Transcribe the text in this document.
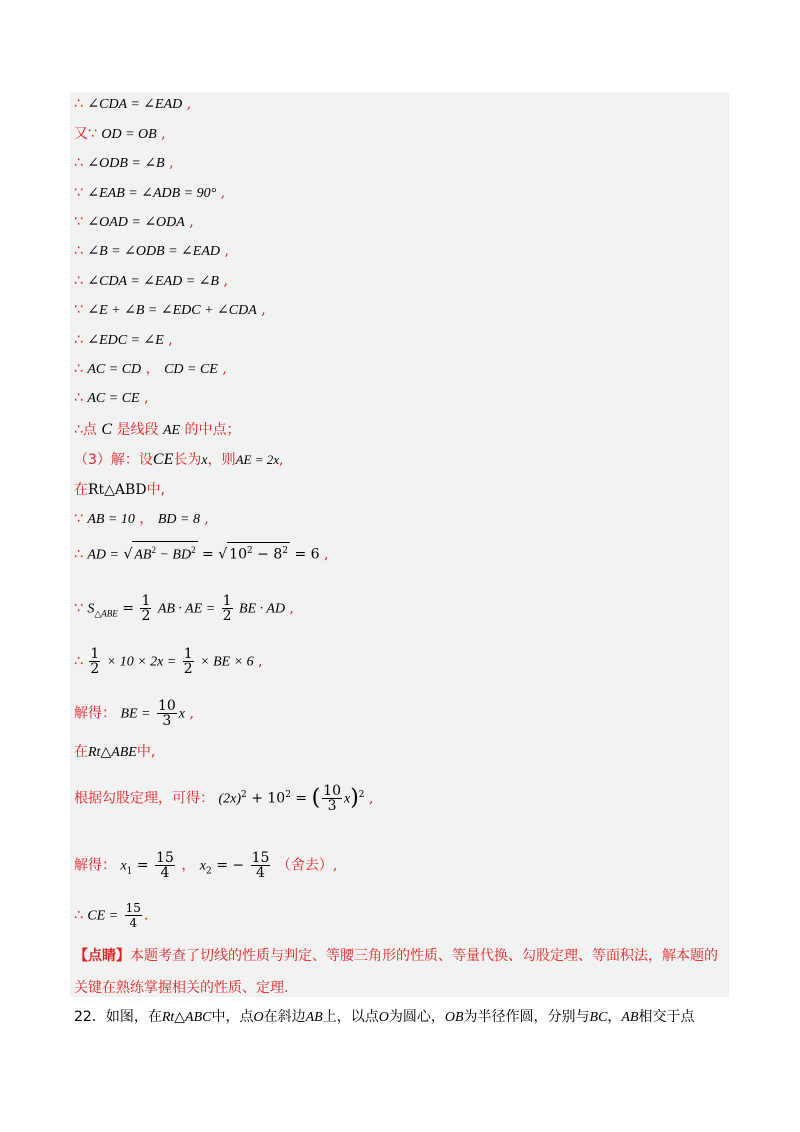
∴ ∠CDA = ∠EAD ,
又∵ OD = OB ,
∴ ∠ODB = ∠B ,
∵ ∠EAB = ∠ADB = 90° ,
∵ ∠OAD = ∠ODA ,
∴ ∠B = ∠ODB = ∠EAD ,
∴ ∠CDA = ∠EAD = ∠B ,
∵ ∠E + ∠B = ∠EDC + ∠CDA ,
∴ ∠EDC = ∠E ,
∴ AC = CD ， CD = CE ,
∴ AC = CE ,
∴点 C 是线段 AE 的中点；
（3）解：设CE长为x，则AE = 2x,
在Rt△ABD中,
∵ AB = 10 ， BD = 8 ,
∴ AD = √ $AB^2 - BD^2$ = √ $10^2 - 8^2 = 6$ ,
∵ $S_{\triangle ABE} = \frac{1}{2}$ AB · AE = $\frac{1}{2}$ BE · AD ,
∴ $\frac{1}{2} \times 10 \times 2x = \frac{1}{2}$ × BE × 6 ,
解得： BE = $\frac{10}{3}$ x ,
在Rt△ABE中,
根据勾股定理，可得： $(2x)^2 + 10^2$ = ( $\frac{10}{3} x)^2$ ,
解得： $x_1 = \frac{15}{4}$ ， $x_2$ = − $\frac{15}{4}$ （舍去）,
∴ CE = $\frac{15}{4}$ .
【点睛】本题考查了切线的性质与判定、等腰三角形的性质、等量代换、勾股定理、等面积法，解本题的关键在熟练掌握相关的性质、定理.
22．如图，在Rt△ABC中，点O在斜边AB上，以点O为圆心，OB为半径作圆，分别与BC，AB相交于点
